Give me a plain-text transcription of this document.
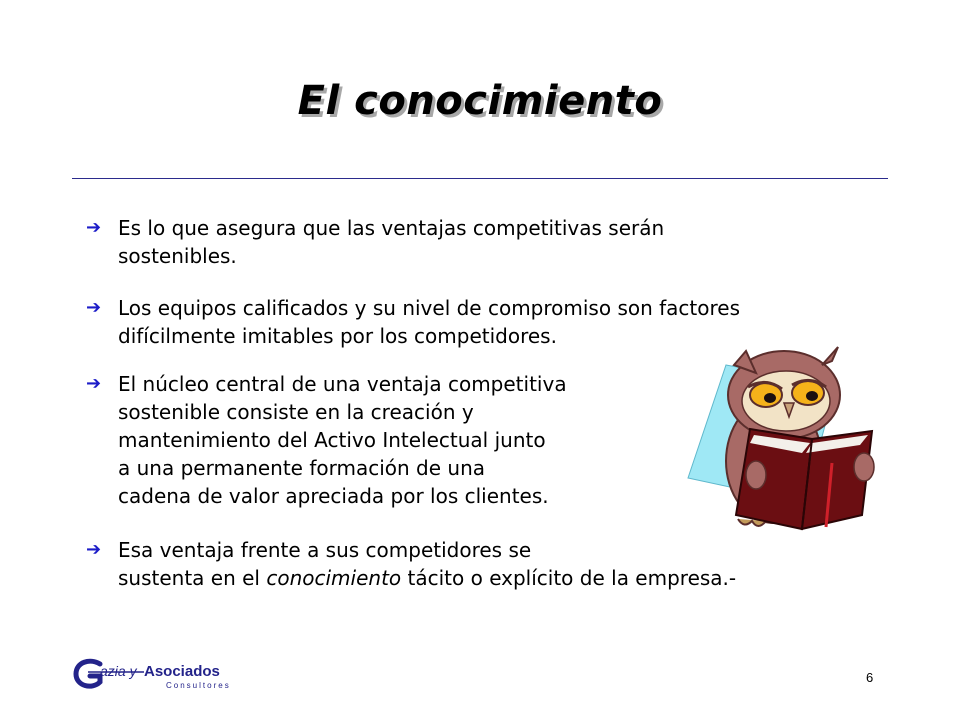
El conocimiento
➔ Es lo que asegura que las ventajas competitivas serán
sostenibles.
➔ Los equipos calificados y su nivel de compromiso son factores
difícilmente imitables por los competidores.
➔ El núcleo central de una ventaja competitiva
sostenible consiste en la creación y
mantenimiento del Activo Intelectual junto
a una permanente formación de una
cadena de valor apreciada por los clientes.
➔ Esa ventaja frente a sus competidores se
sustenta en el conocimiento tácito o explícito de la empresa.-
azia y Asociados
Consultores
6
